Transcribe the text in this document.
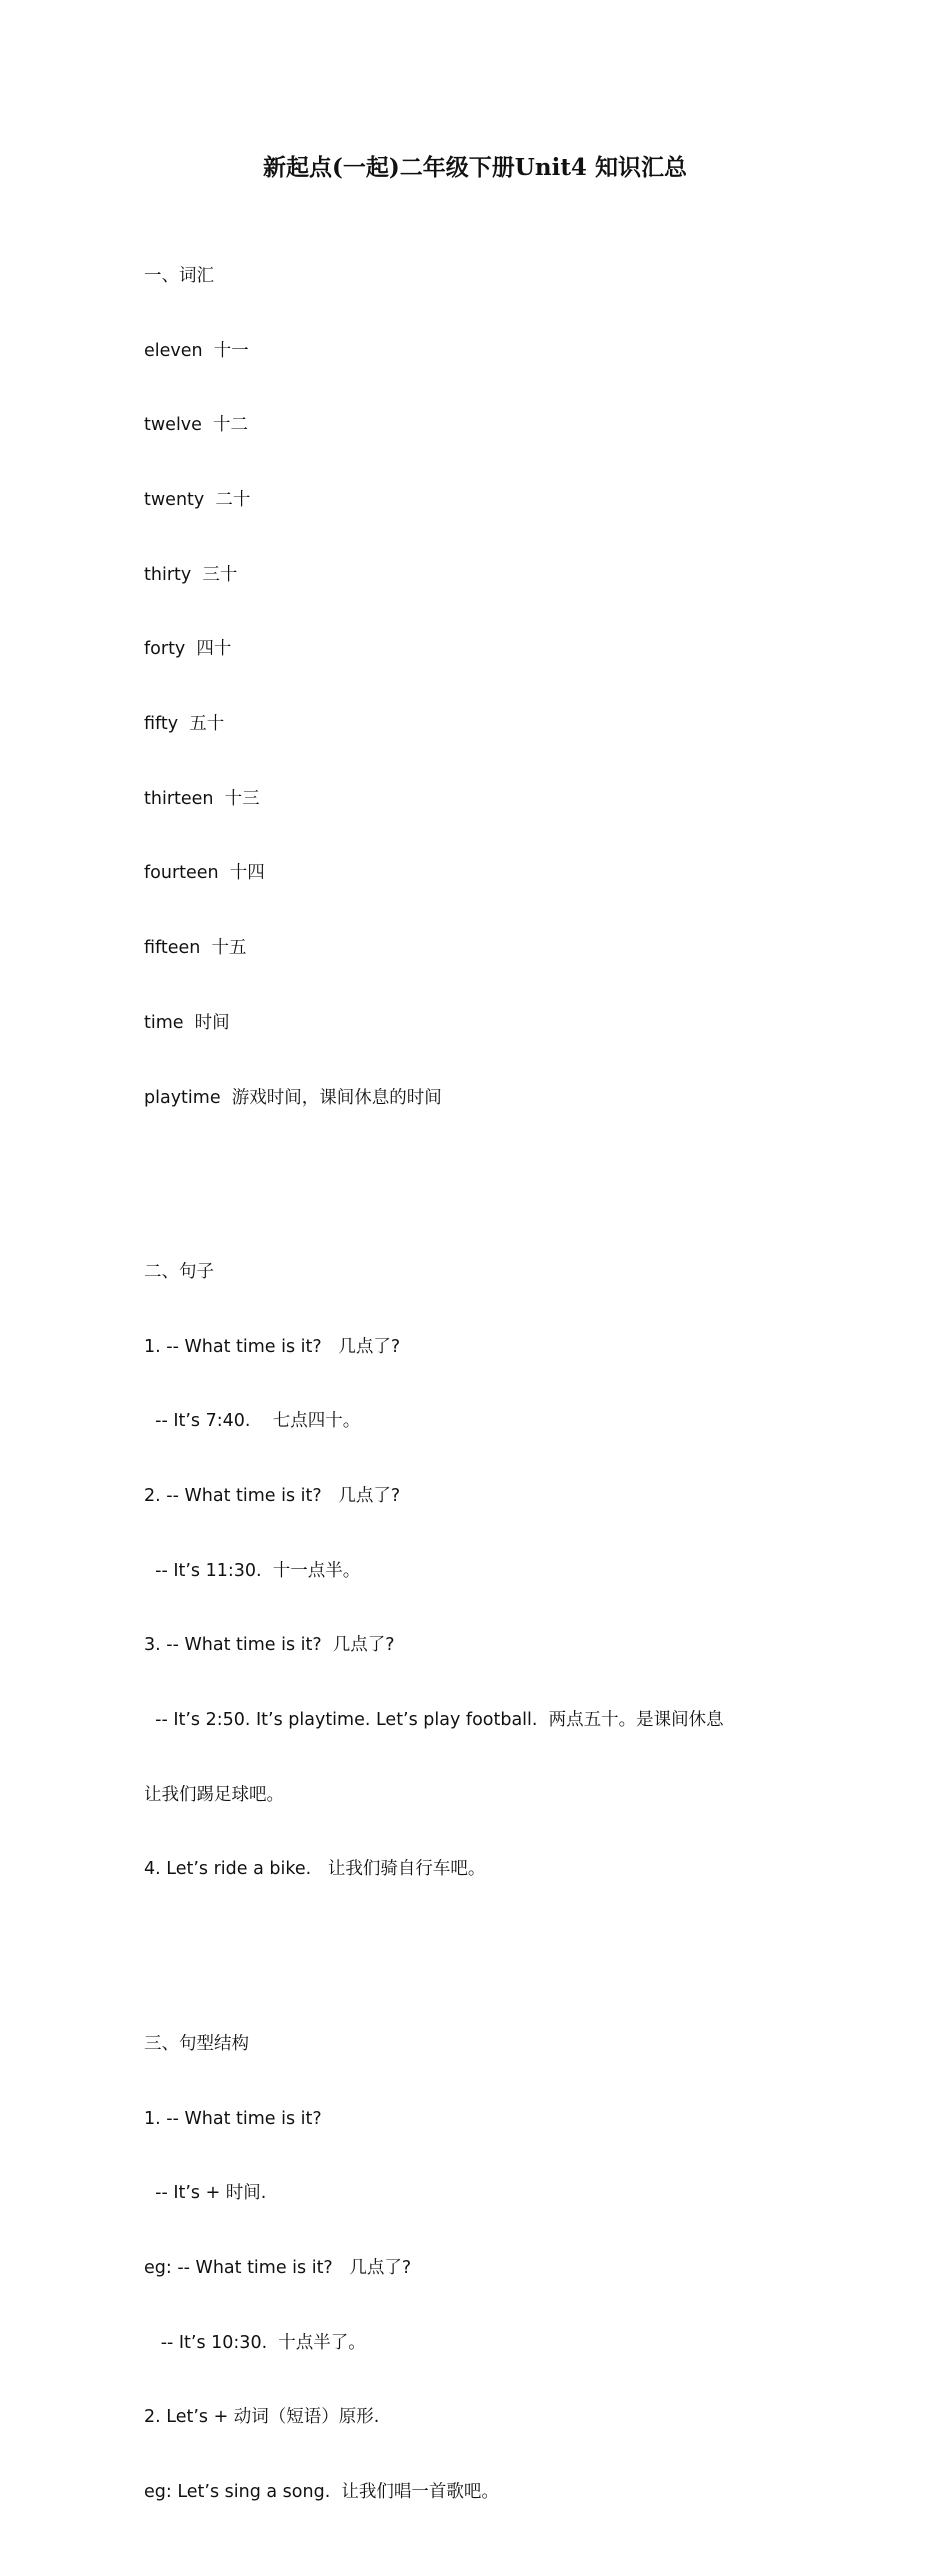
新起点(一起)二年级下册Unit4 知识汇总

一、词汇

eleven  十一

twelve  十二

twenty  二十

thirty  三十

forty  四十

fifty  五十

thirteen  十三

fourteen  十四

fifteen  十五

time  时间

playtime  游戏时间，课间休息的时间

二、句子

1. -- What time is it?   几点了?

-- It’s 7:40.    七点四十。

2. -- What time is it?   几点了?

-- It’s 11:30.  十一点半。

3. -- What time is it?  几点了?

-- It’s 2:50. It’s playtime. Let’s play football.  两点五十。是课间休息

让我们踢足球吧。

4. Let’s ride a bike.   让我们骑自行车吧。

三、句型结构

1. -- What time is it?

-- It’s + 时间.

eg: -- What time is it?   几点了?

-- It’s 10:30.  十点半了。

2. Let’s + 动词（短语）原形.

eg: Let’s sing a song.  让我们唱一首歌吧。
